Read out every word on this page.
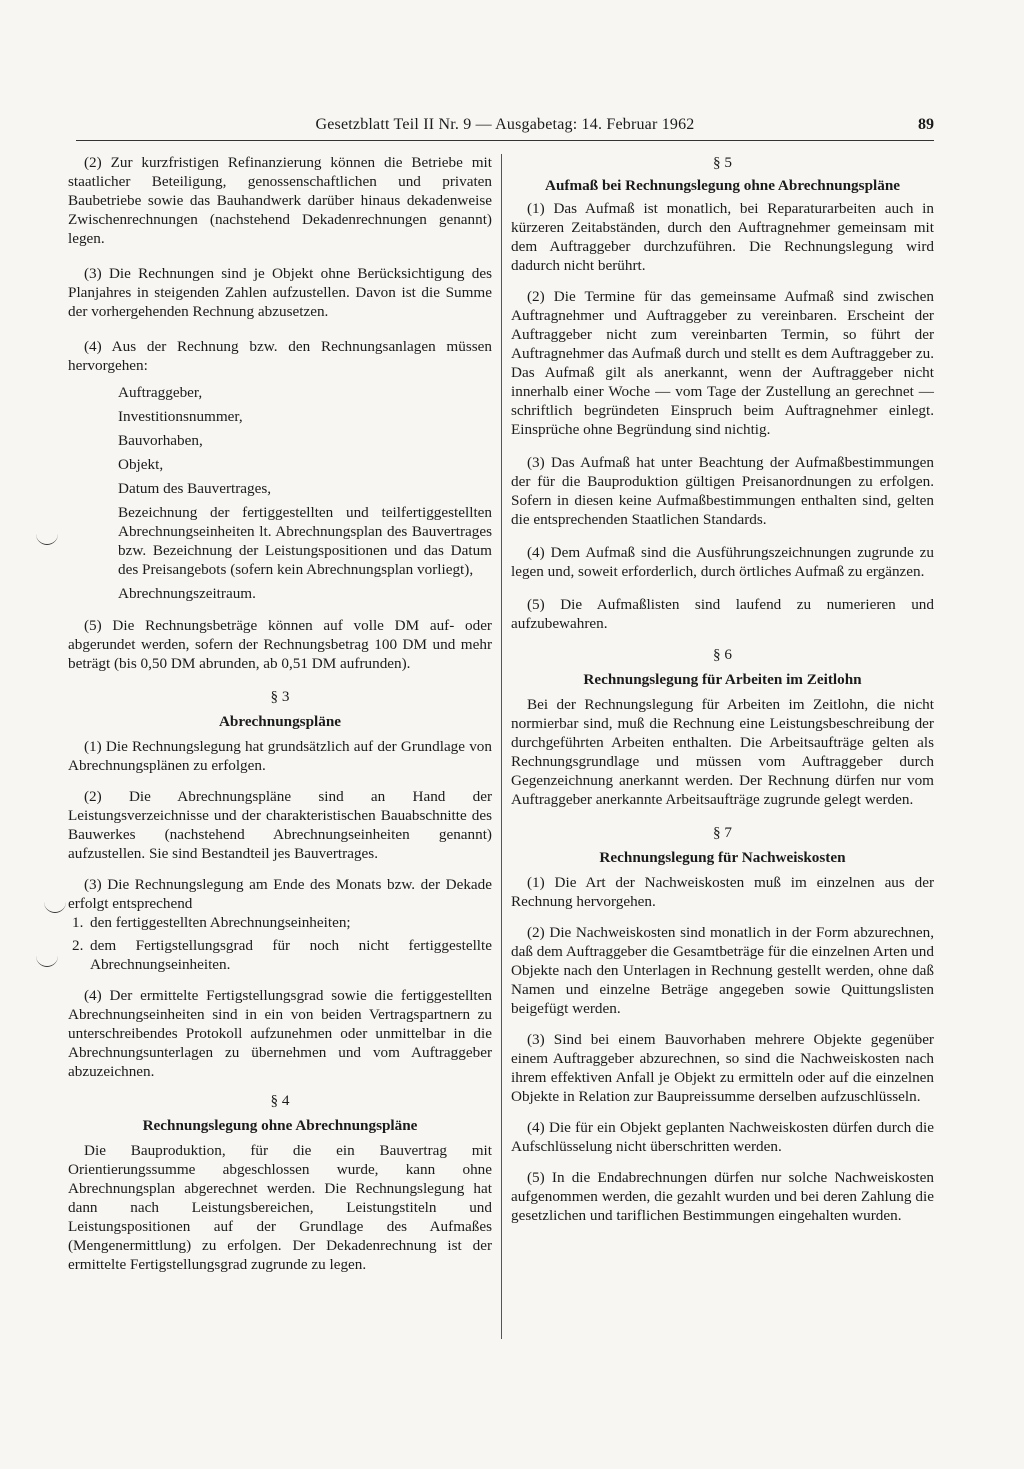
Gesetzblatt Teil II Nr. 9 — Ausgabetag: 14. Februar 1962	89

(2) Zur kurzfristigen Refinanzierung können die Betriebe mit staatlicher Beteiligung, genossenschaftlichen und privaten Baubetriebe sowie das Bauhandwerk darüber hinaus dekadenweise Zwischenrechnungen (nachstehend Dekadenrechnungen genannt) legen.

(3) Die Rechnungen sind je Objekt ohne Berücksichtigung des Planjahres in steigenden Zahlen aufzustellen. Davon ist die Summe der vorhergehenden Rechnung abzusetzen.

(4) Aus der Rechnung bzw. den Rechnungsanlagen müssen hervorgehen:

Auftraggeber,
Investitionsnummer,
Bauvorhaben,
Objekt,
Datum des Bauvertrages,
Bezeichnung der fertiggestellten und teilfertiggestellten Abrechnungseinheiten lt. Abrechnungsplan des Bauvertrages bzw. Bezeichnung der Leistungspositionen und das Datum des Preisangebots (sofern kein Abrechnungsplan vorliegt),
Abrechnungszeitraum.

(5) Die Rechnungsbeträge können auf volle DM auf- oder abgerundet werden, sofern der Rechnungsbetrag 100 DM und mehr beträgt (bis 0,50 DM abrunden, ab 0,51 DM aufrunden).

§ 3

Abrechnungspläne

(1) Die Rechnungslegung hat grundsätzlich auf der Grundlage von Abrechnungsplänen zu erfolgen.

(2) Die Abrechnungspläne sind an Hand der Leistungsverzeichnisse und der charakteristischen Bauabschnitte des Bauwerkes (nachstehend Abrechnungseinheiten genannt) aufzustellen. Sie sind Bestandteil jes Bauvertrages.

(3) Die Rechnungslegung am Ende des Monats bzw. der Dekade erfolgt entsprechend

1. den fertiggestellten Abrechnungseinheiten;
2. dem Fertigstellungsgrad für noch nicht fertiggestellte Abrechnungseinheiten.

(4) Der ermittelte Fertigstellungsgrad sowie die fertiggestellten Abrechnungseinheiten sind in ein von beiden Vertragspartnern zu unterschreibendes Protokoll aufzunehmen oder unmittelbar in die Abrechnungsunterlagen zu übernehmen und vom Auftraggeber abzuzeichnen.

§ 4

Rechnungslegung ohne Abrechnungspläne

Die Bauproduktion, für die ein Bauvertrag mit Orientierungssumme abgeschlossen wurde, kann ohne Abrechnungsplan abgerechnet werden. Die Rechnungslegung hat dann nach Leistungsbereichen, Leistungstiteln und Leistungspositionen auf der Grundlage des Aufmaßes (Mengenermittlung) zu erfolgen. Der Dekadenrechnung ist der ermittelte Fertigstellungsgrad zugrunde zu legen.

§ 5

Aufmaß bei Rechnungslegung ohne Abrechnungspläne

(1) Das Aufmaß ist monatlich, bei Reparaturarbeiten auch in kürzeren Zeitabständen, durch den Auftragnehmer gemeinsam mit dem Auftraggeber durchzuführen. Die Rechnungslegung wird dadurch nicht berührt.

(2) Die Termine für das gemeinsame Aufmaß sind zwischen Auftragnehmer und Auftraggeber zu vereinbaren. Erscheint der Auftraggeber nicht zum vereinbarten Termin, so führt der Auftragnehmer das Aufmaß durch und stellt es dem Auftraggeber zu. Das Aufmaß gilt als anerkannt, wenn der Auftraggeber nicht innerhalb einer Woche — vom Tage der Zustellung an gerechnet — schriftlich begründeten Einspruch beim Auftragnehmer einlegt. Einsprüche ohne Begründung sind nichtig.

(3) Das Aufmaß hat unter Beachtung der Aufmaßbestimmungen der für die Bauproduktion gültigen Preisanordnungen zu erfolgen. Sofern in diesen keine Aufmaßbestimmungen enthalten sind, gelten die entsprechenden Staatlichen Standards.

(4) Dem Aufmaß sind die Ausführungszeichnungen zugrunde zu legen und, soweit erforderlich, durch örtliches Aufmaß zu ergänzen.

(5) Die Aufmaßlisten sind laufend zu numerieren und aufzubewahren.

§ 6

Rechnungslegung für Arbeiten im Zeitlohn

Bei der Rechnungslegung für Arbeiten im Zeitlohn, die nicht normierbar sind, muß die Rechnung eine Leistungsbeschreibung der durchgeführten Arbeiten enthalten. Die Arbeitsaufträge gelten als Rechnungsgrundlage und müssen vom Auftraggeber durch Gegenzeichnung anerkannt werden. Der Rechnung dürfen nur vom Auftraggeber anerkannte Arbeitsaufträge zugrunde gelegt werden.

§ 7

Rechnungslegung für Nachweiskosten

(1) Die Art der Nachweiskosten muß im einzelnen aus der Rechnung hervorgehen.

(2) Die Nachweiskosten sind monatlich in der Form abzurechnen, daß dem Auftraggeber die Gesamtbeträge für die einzelnen Arten und Objekte nach den Unterlagen in Rechnung gestellt werden, ohne daß Namen und einzelne Beträge angegeben sowie Quittungslisten beigefügt werden.

(3) Sind bei einem Bauvorhaben mehrere Objekte gegenüber einem Auftraggeber abzurechnen, so sind die Nachweiskosten nach ihrem effektiven Anfall je Objekt zu ermitteln oder auf die einzelnen Objekte in Relation zur Baupreissumme derselben aufzuschlüsseln.

(4) Die für ein Objekt geplanten Nachweiskosten dürfen durch die Aufschlüsselung nicht überschritten werden.

(5) In die Endabrechnungen dürfen nur solche Nachweiskosten aufgenommen werden, die gezahlt wurden und bei deren Zahlung die gesetzlichen und tariflichen Bestimmungen eingehalten wurden.
